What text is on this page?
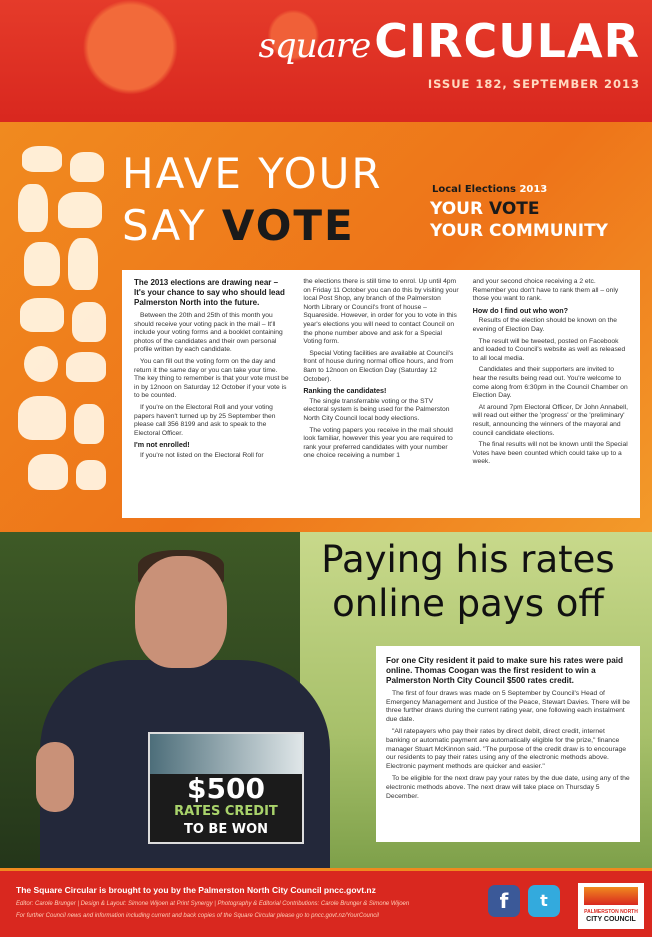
square CIRCULAR
ISSUE 182, SEPTEMBER 2013
HAVE YOUR
SAY VOTE
Local Elections 2013
YOUR VOTE
YOUR COMMUNITY

The 2013 elections are drawing near – It's your chance to say who should lead Palmerston North into the future.

Between the 20th and 25th of this month you should receive your voting pack in the mail – It'll include your voting forms and a booklet containing photos of the candidates and their own personal profile written by each candidate.

You can fill out the voting form on the day and return it the same day or you can take your time. The key thing to remember is that your vote must be in by 12noon on Saturday 12 October if your vote is to be counted.

If you're on the Electoral Roll and your voting papers haven't turned up by 25 September then please call 356 8199 and ask to speak to the Electoral Officer.

I'm not enrolled!

If you're not listed on the Electoral Roll for

the elections there is still time to enrol. Up until 4pm on Friday 11 October you can do this by visiting your local Post Shop, any branch of the Palmerston North Library or Council's front of house – Squareside. However, in order for you to vote in this year's elections you will need to contact Council on the phone number above and ask for a Special Voting form.

Special Voting facilities are available at Council's front of house during normal office hours, and from 8am to 12noon on Election Day (Saturday 12 October).

Ranking the candidates!

The single transferrable voting or the STV electoral system is being used for the Palmerston North City Council local body elections.

The voting papers you receive in the mail should look familiar, however this year you are required to rank your preferred candidates with your number one choice receiving a number 1

and your second choice receiving a 2 etc. Remember you don't have to rank them all – only those you want to rank.

How do I find out who won?

Results of the election should be known on the evening of Election Day.

The result will be tweeted, posted on Facebook and loaded to Council's website as well as released to all local media.

Candidates and their supporters are invited to hear the results being read out. You're welcome to come along from 6:30pm in the Council Chamber on Election Day.

At around 7pm Electoral Officer, Dr John Annabell, will read out either the 'progress' or the 'preliminary' result, announcing the winners of the mayoral and council candidate elections.

The final results will not be known until the Special Votes have been counted which could take up to a week.

$500
RATES CREDIT
TO BE WON
Paying his rates
online pays off

For one City resident it paid to make sure his rates were paid online. Thomas Coogan was the first resident to win a Palmerston North City Council $500 rates credit.

The first of four draws was made on 5 September by Council's Head of Emergency Management and Justice of the Peace, Stewart Davies. There will be three further draws during the current rating year, one following each instalment due date.

"All ratepayers who pay their rates by direct debit, direct credit, internet banking or automatic payment are automatically eligible for the prize," finance manager Stuart McKinnon said. "The purpose of the credit draw is to encourage our residents to pay their rates using any of the electronic methods above. Electronic payment methods are quicker and easier."

To be eligible for the next draw pay your rates by the due date, using any of the electronic methods above. The next draw will take place on Thursday 5 December.

The Square Circular is brought to you by the Palmerston North City Council pncc.govt.nz
Editor: Carole Brunger | Design & Layout: Simone Wijoen at Print Synergy | Photography & Editorial Contributions: Carole Brunger & Simone Wijoen
For further Council news and information including current and back copies of the Square Circular please go to pncc.govt.nz/YourCouncil
f	t
PALMERSTON NORTH
CITY COUNCIL
